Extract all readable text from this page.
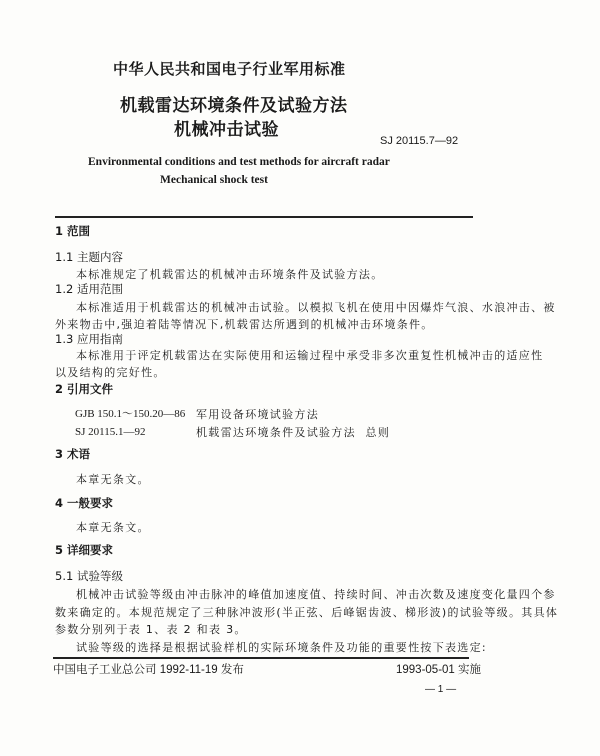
中华人民共和国电子行业军用标准
机载雷达环境条件及试验方法
机械冲击试验
SJ 20115.7—92
Environmental conditions and test methods for aircraft radar
Mechanical shock test
1 范围
1.1 主题内容
本标准规定了机载雷达的机械冲击环境条件及试验方法。
1.2 适用范围
本标准适用于机载雷达的机械冲击试验。以模拟飞机在使用中因爆炸气浪、水浪冲击、被
外来物击中,强迫着陆等情况下,机载雷达所遇到的机械冲击环境条件。
1.3 应用指南
本标准用于评定机载雷达在实际使用和运输过程中承受非多次重复性机械冲击的适应性
以及结构的完好性。
2 引用文件
GJB 150.1～150.20—86 军用设备环境试验方法
SJ 20115.1—92	机载雷达环境条件及试验方法  总则
3 术语
本章无条文。
4 一般要求
本章无条文。
5 详细要求
5.1 试验等级
机械冲击试验等级由冲击脉冲的峰值加速度值、持续时间、冲击次数及速度变化量四个参
数来确定的。本规范规定了三种脉冲波形(半正弦、后峰锯齿波、梯形波)的试验等级。其具体
参数分别列于表 1、表 2 和表 3。
试验等级的选择是根据试验样机的实际环境条件及功能的重要性按下表选定:
中国电子工业总公司 1992-11-19 发布	1993-05-01 实施
— 1 —
